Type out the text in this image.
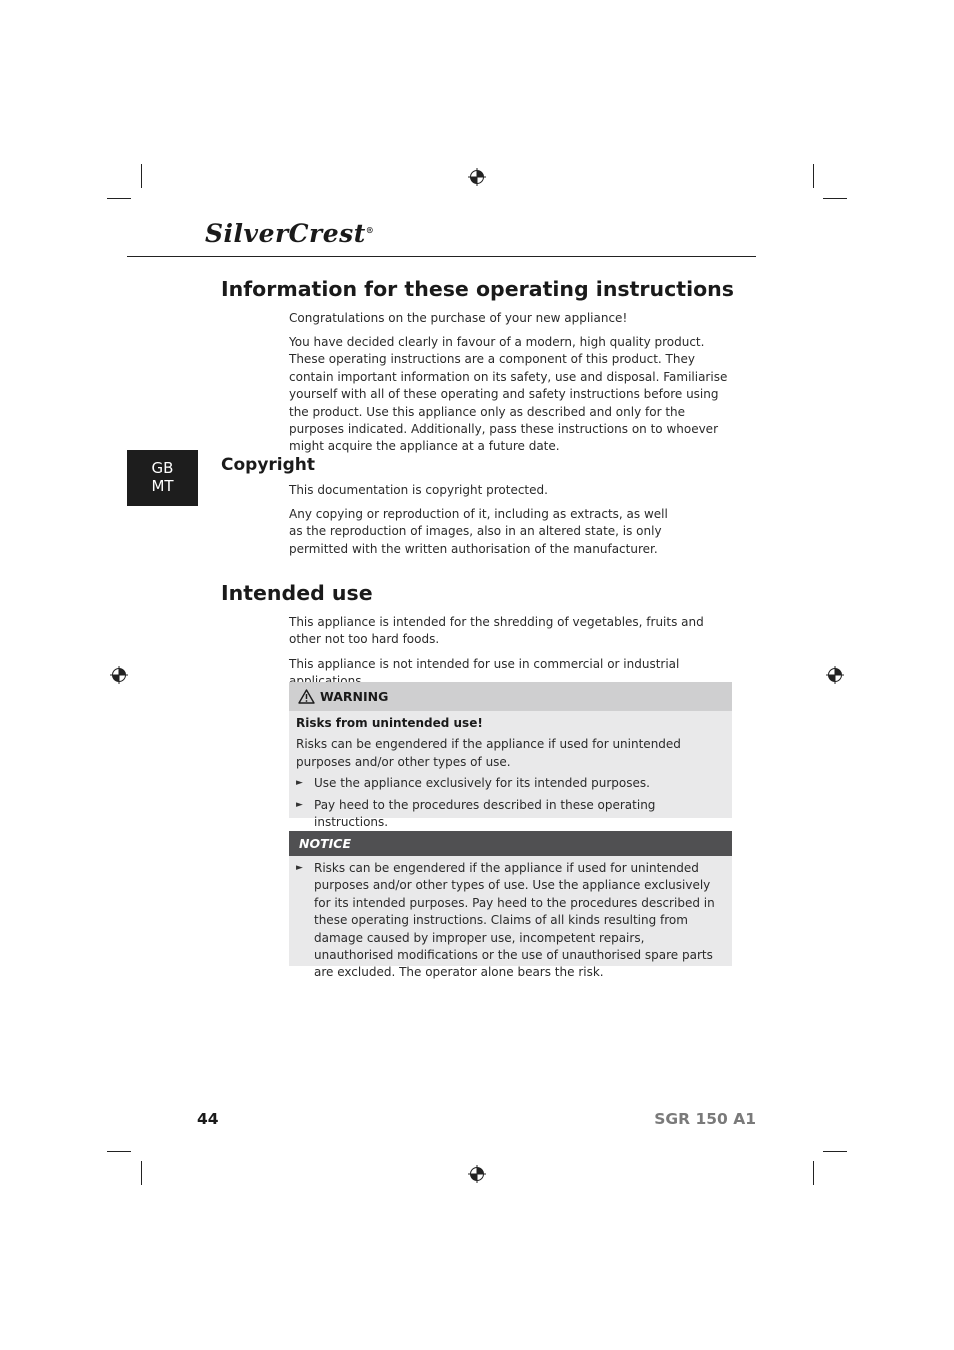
SilverCrest®
GB
MT
Information for these operating instructions

Congratulations on the purchase of your new appliance!

You have decided clearly in favour of a modern, high quality product. These operating instructions are a component of this product. They contain important information on its safety, use and disposal. Familiarise yourself with all of these operating and safety instructions before using the product. Use this appliance only as described and only for the purposes indicated. Additionally, pass these instructions on to whoever might acquire the appliance at a future date.

Copyright

This documentation is copyright protected.

Any copying or reproduction of it, including as extracts, as well as the reproduction of images, also in an altered state, is only permitted with the written authorisation of the manufacturer.

Intended use

This appliance is intended for the shredding of vegetables, fruits and other not too hard foods.

This appliance is not intended for use in commercial or industrial

WARNING
Risks from unintended use!
Risks can be engendered if the appliance if used for unintended purposes and/or other types of use.
► Use the appliance exclusively for its intended purposes.
► Pay heed to the procedures described in these operating instructions.
NOTICE
► Risks can be engendered if the appliance if used for unintended purposes and/or other types of use. Use the appliance exclusively for its intended purposes. Pay heed to the procedures described in these operating instructions. Claims of all kinds resulting from damage caused by improper use, incompetent repairs, unauthorised modifications or the use of unauthorised spare parts are excluded. The operator alone bears the risk.
44	SGR 150 A1
